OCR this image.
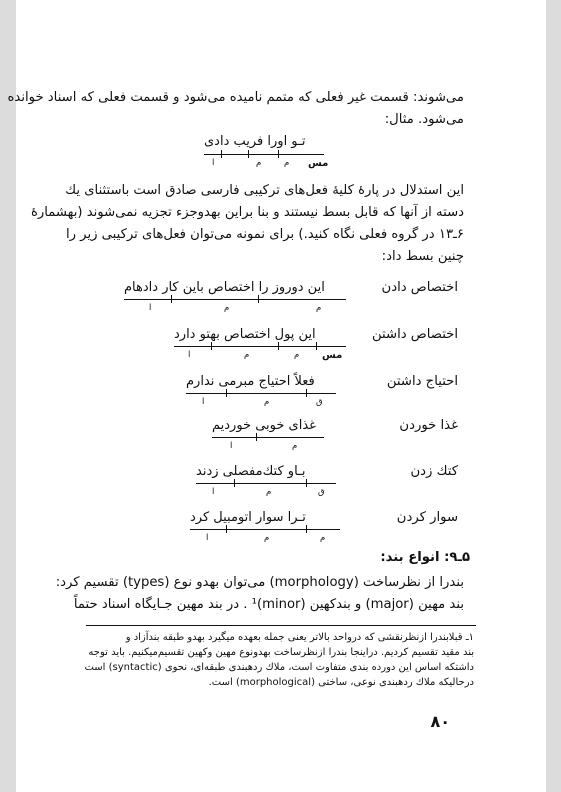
می‌شوند: قسمت غیر فعلی که متمم نامیده می‌شود و قسمت فعلی که اسناد خوانده
می‌شود. مثال:
تـو اورا فریب دادی
مس
م
م
ا
این استدلال در پارهٔ کلیهٔ فعل‌های ترکیبی فارسی صادق است باستثنای یك
دسته از آنها که قابل بسط نیستند و بنا براین بهدوجزء تجزیه نمی‌شوند (بهشمارهٔ
۶ـ۱۳ در گروه فعلی نگاه کنید.) برای نمونه می‌توان فعل‌های ترکیبی زیر را
چنین بسط داد:
اختصاص دادن
این دوروز را اختصاص باین کار دادهام
م
م
ا
اختصاص داشتن
این پول اختصاص بهتو دارد
مس
م
م
ا
احتیاج داشتن
فعلاً احتیاج مبرمی ندارم
ق
م
ا
غذا خوردن
غذای خوبی خوردیم
م
ا
کتك زدن
بـاو کتك‌مفصلی زدند
ق
م
ا
سوار کردن
تـرا سوار اتومبیل کرد
م
م
ا
۵ـ۹: انواع بند:
بندرا از نظرساخت (morphology) می‌توان بهدو نوع (types) تقسیم کرد:
بند مهین (major) و بندکهین (minor)¹ . در بند مهین جـایگاه اسناد حتماً
۱ـ قبلابندرا ازنظرنقشی که درواحد بالاتر یعنی جمله بعهده میگیرد بهدو طبقه بندآزاد و
بند مقید تقسیم کردیم. دراینجا بندرا ازنظرساخت بهدونوع مهین وکهین تقسیم‌میکنیم. باید توجه
داشتکه اساس این دورده بندی متفاوت است، ملاك ردهبندی طبقه‌ای، نحوی (syntactic) است
درحالیکه ملاك ردهبندی نوعی، ساختی (morphological) است.
۸۰
